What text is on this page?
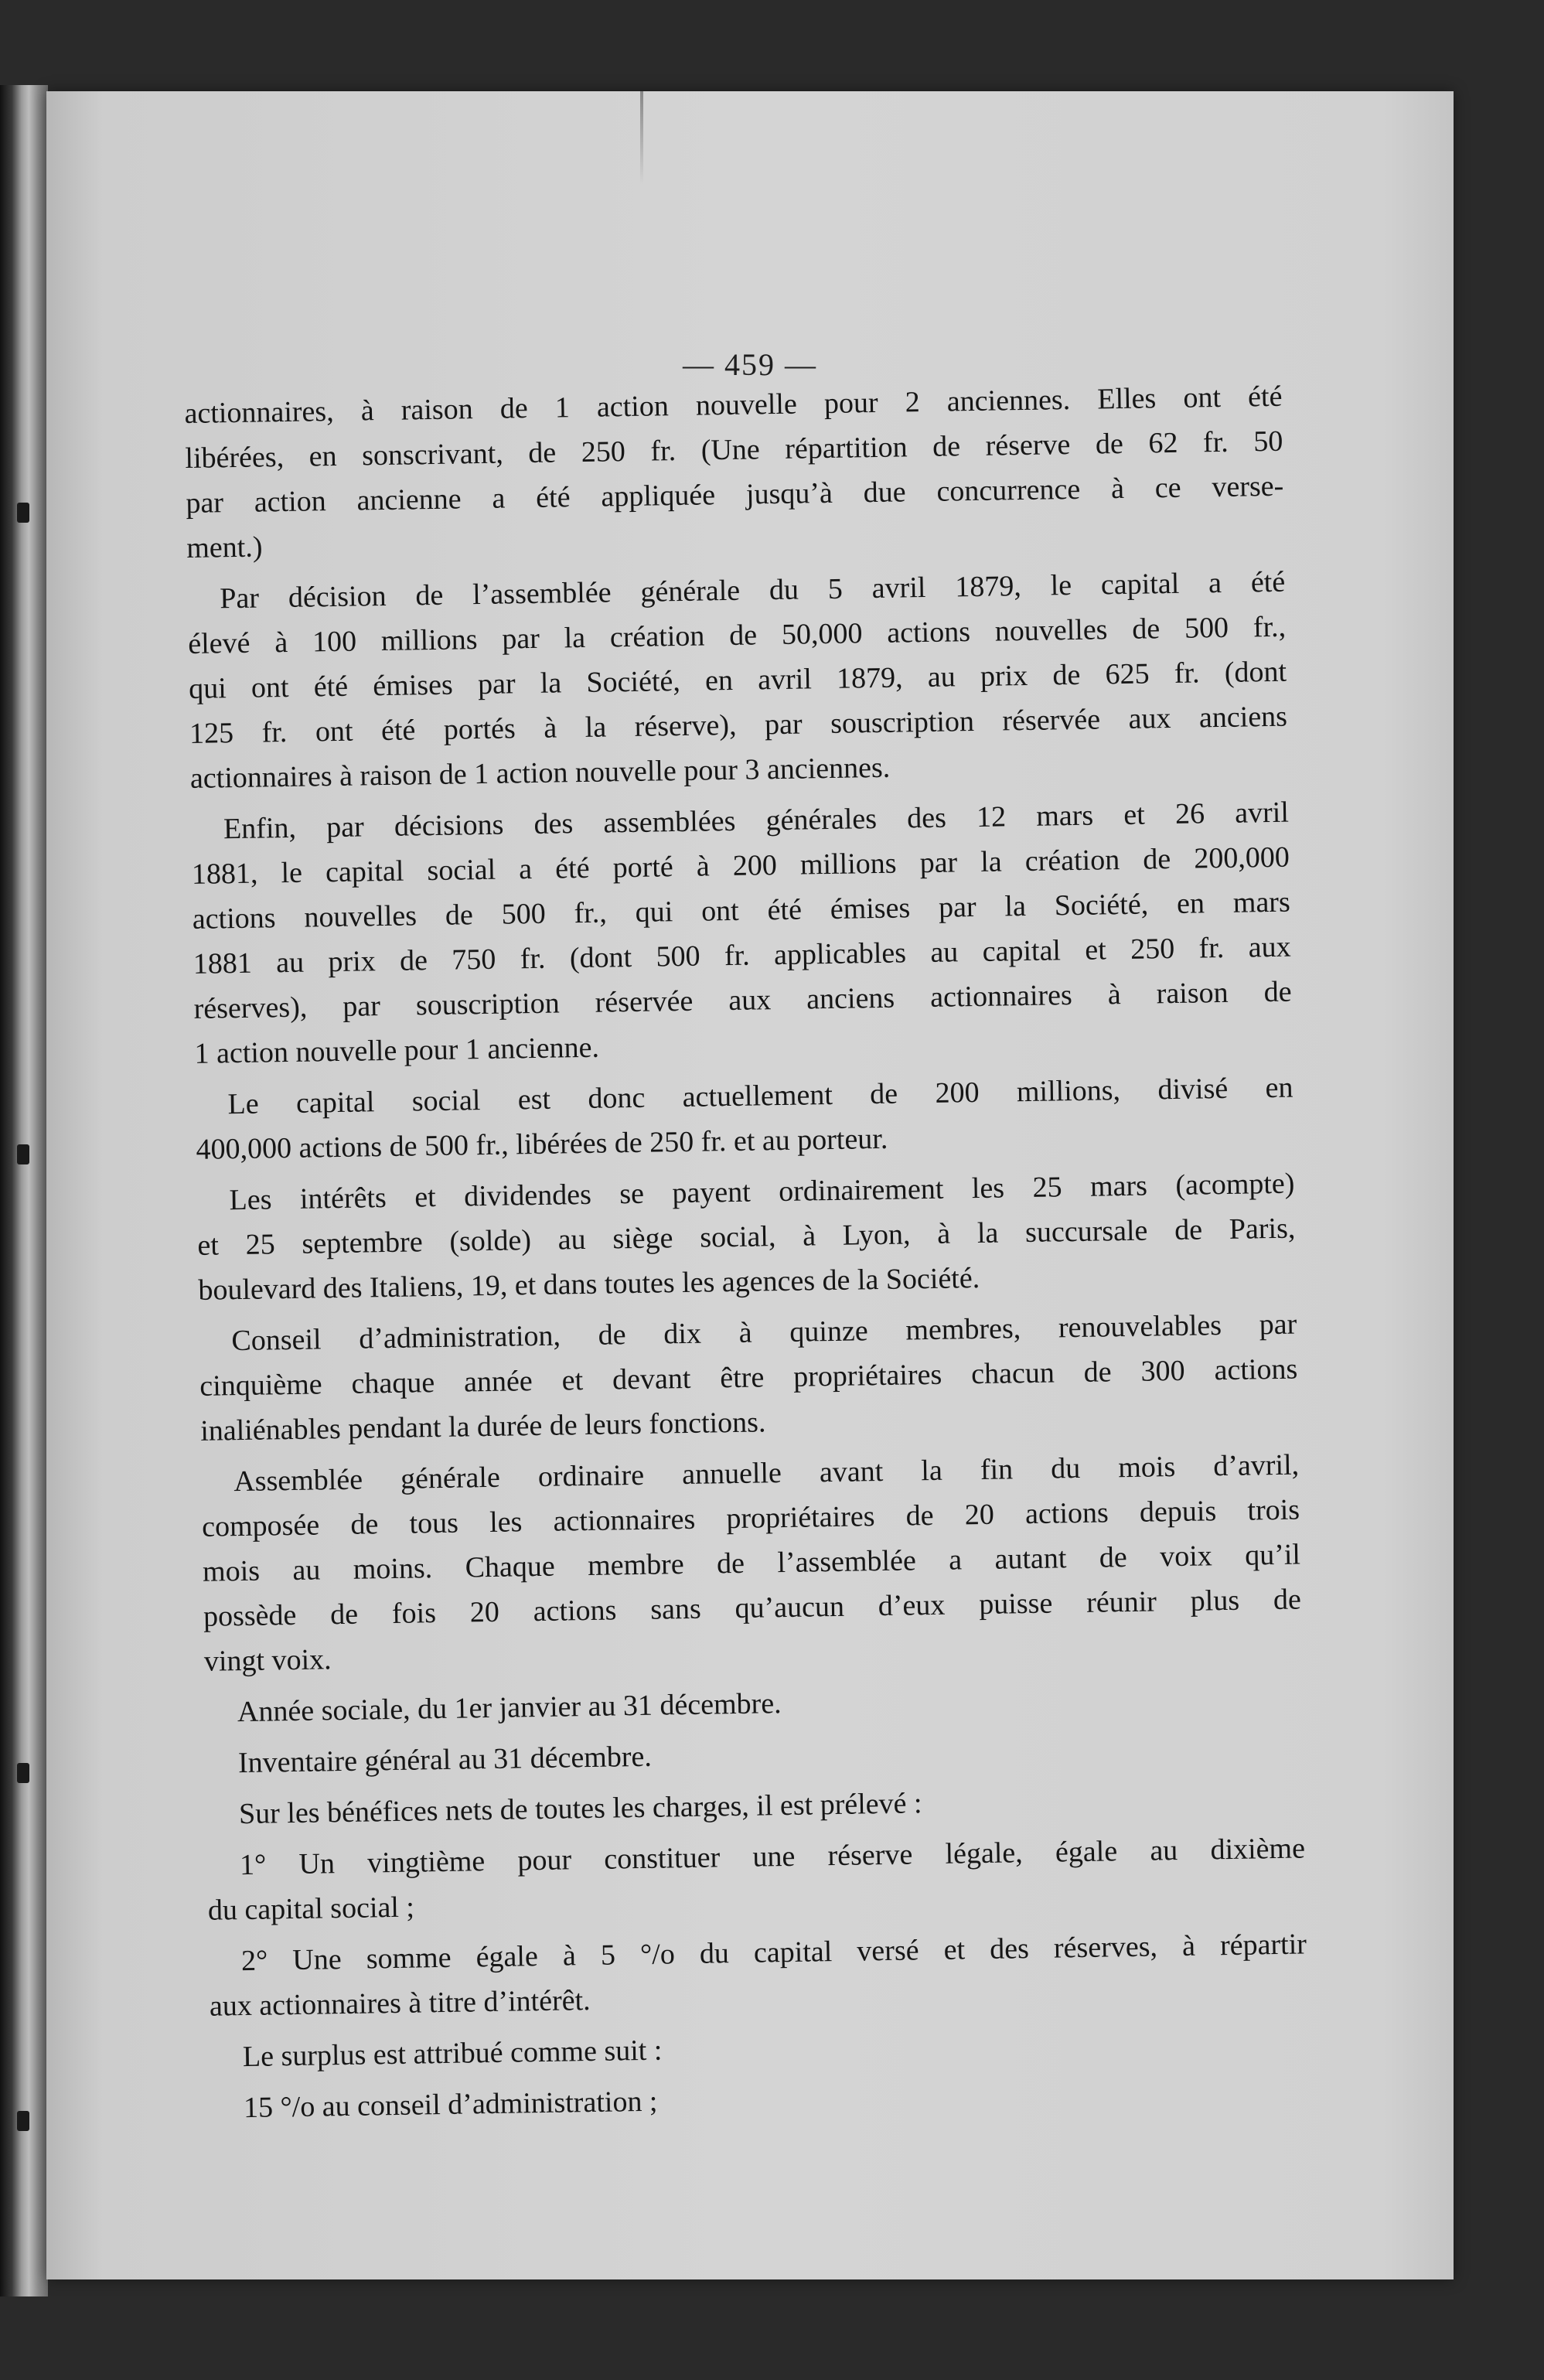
— 459 —
actionnaires, à raison de 1 action nouvelle pour 2 anciennes. Elles ont été
libérées, en sonscrivant, de 250 fr. (Une répartition de réserve de 62 fr. 50
par action ancienne a été appliquée jusqu’à due concurrence à ce verse-
ment.)
Par décision de l’assemblée générale du 5 avril 1879, le capital a été
élevé à 100 millions par la création de 50,000 actions nouvelles de 500 fr.,
qui ont été émises par la Société, en avril 1879, au prix de 625 fr. (dont
125 fr. ont été portés à la réserve), par souscription réservée aux anciens
actionnaires à raison de 1 action nouvelle pour 3 anciennes.
Enfin, par décisions des assemblées générales des 12 mars et 26 avril
1881, le capital social a été porté à 200 millions par la création de 200,000
actions nouvelles de 500 fr., qui ont été émises par la Société, en mars
1881 au prix de 750 fr. (dont 500 fr. applicables au capital et 250 fr. aux
réserves), par souscription réservée aux anciens actionnaires à raison de
1 action nouvelle pour 1 ancienne.
Le capital social est donc actuellement de 200 millions, divisé en
400,000 actions de 500 fr., libérées de 250 fr. et au porteur.
Les intérêts et dividendes se payent ordinairement les 25 mars (acompte)
et 25 septembre (solde) au siège social, à Lyon, à la succursale de Paris,
boulevard des Italiens, 19, et dans toutes les agences de la Société.
Conseil d’administration, de dix à quinze membres, renouvelables par
cinquième chaque année et devant être propriétaires chacun de 300 actions
inaliénables pendant la durée de leurs fonctions.
Assemblée générale ordinaire annuelle avant la fin du mois d’avril,
composée de tous les actionnaires propriétaires de 20 actions depuis trois
mois au moins. Chaque membre de l’assemblée a autant de voix qu’il
possède de fois 20 actions sans qu’aucun d’eux puisse réunir plus de
vingt voix.
Année sociale, du 1er janvier au 31 décembre.
Inventaire général au 31 décembre.
Sur les bénéfices nets de toutes les charges, il est prélevé :
1° Un vingtième pour constituer une réserve légale, égale au dixième
du capital social ;
2° Une somme égale à 5 °/o du capital versé et des réserves, à répartir
aux actionnaires à titre d’intérêt.
Le surplus est attribué comme suit :
15 °/o au conseil d’administration ;
